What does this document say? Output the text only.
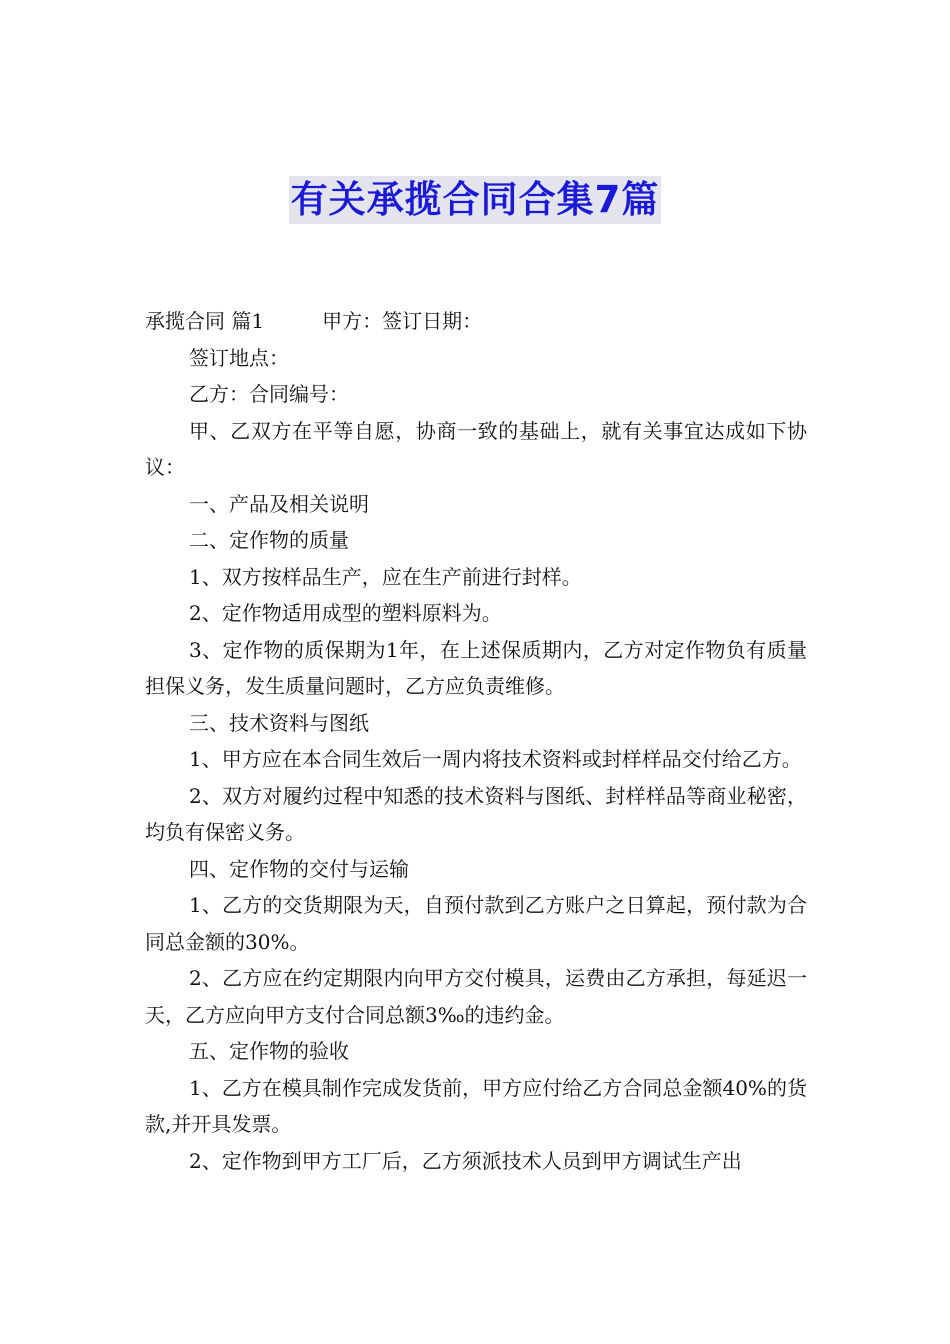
有关承揽合同合集7篇

承揽合同 篇1	甲方：签订日期：

签订地点：

乙方：合同编号：

甲、乙双方在平等自愿，协商一致的基础上，就有关事宜达成如下协议：

一、产品及相关说明

二、定作物的质量

1、双方按样品生产，应在生产前进行封样。

2、定作物适用成型的塑料原料为。

3、定作物的质保期为1年，在上述保质期内，乙方对定作物负有质量担保义务，发生质量问题时，乙方应负责维修。

三、技术资料与图纸

1、甲方应在本合同生效后一周内将技术资料或封样样品交付给乙方。

2、双方对履约过程中知悉的技术资料与图纸、封样样品等商业秘密，均负有保密义务。

四、定作物的交付与运输

1、乙方的交货期限为天，自预付款到乙方账户之日算起，预付款为合同总金额的30%。

2、乙方应在约定期限内向甲方交付模具，运费由乙方承担，每延迟一天，乙方应向甲方支付合同总额3‰的违约金。

五、定作物的验收

1、乙方在模具制作完成发货前，甲方应付给乙方合同总金额40%的货款,并开具发票。

2、定作物到甲方工厂后，乙方须派技术人员到甲方调试生产出
